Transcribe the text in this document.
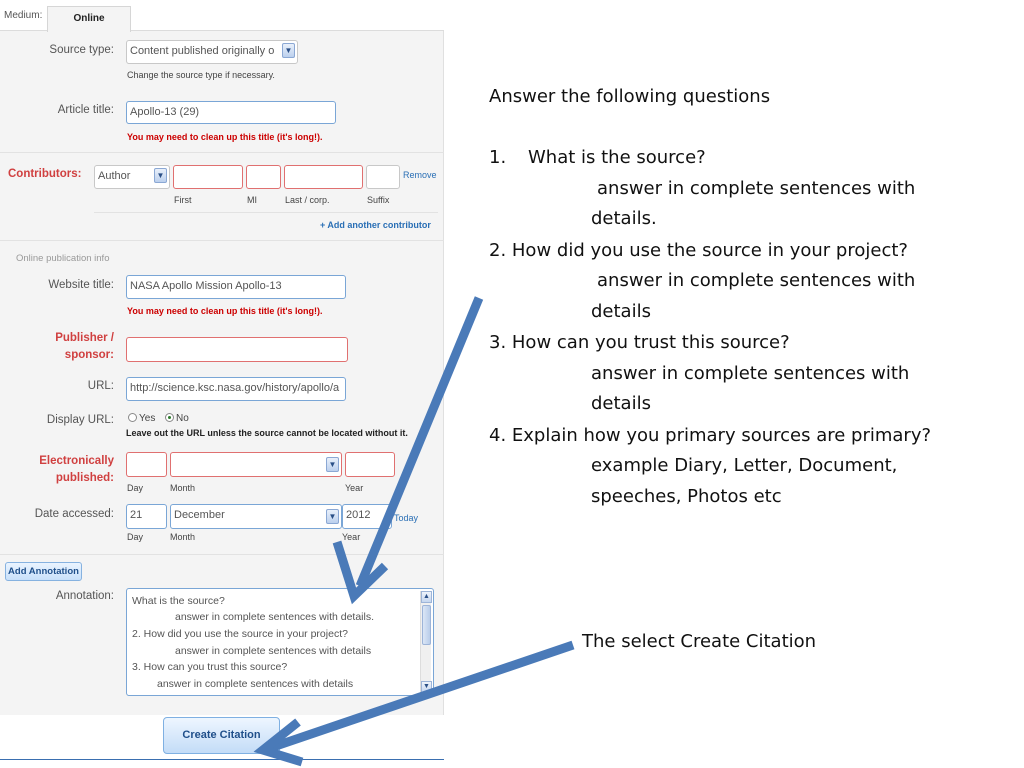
Medium:	Online
Source type:	Content published originally o	▼
Change the source type if necessary.
Article title:	Apollo-13 (29)
You may need to clean up this title (it's long!).
Contributors:	Author	▼	Remove
First	MI	Last / corp.	Suffix
+ Add another contributor
Online publication info
Website title:	NASA Apollo Mission Apollo-13
You may need to clean up this title (it's long!).
Publisher /
sponsor:
URL:	http://science.ksc.nasa.gov/history/apollo/a
Display URL:	Yes	No
Leave out the URL unless the source cannot be located without it.
Electronically
published:
▼
Day	Month	Year
Date accessed:	21	December	▼ 2012	Today
Day	Month	Year
Add Annotation
Annotation: What is the source?
answer in complete sentences with details.
2. How did you use the source in your project?
answer in complete sentences with details
3. How can you trust this source?
answer in complete sentences with details
▲
▼
Create Citation
Answer the following questions
1. What is the source?
answer in complete sentences with
details.
2. How did you use the source in your project?
answer in complete sentences with
details
3. How can you trust this source?
answer in complete sentences with
details
4. Explain how you primary sources are primary?
example Diary, Letter, Document,
speeches, Photos etc
The select Create Citation
